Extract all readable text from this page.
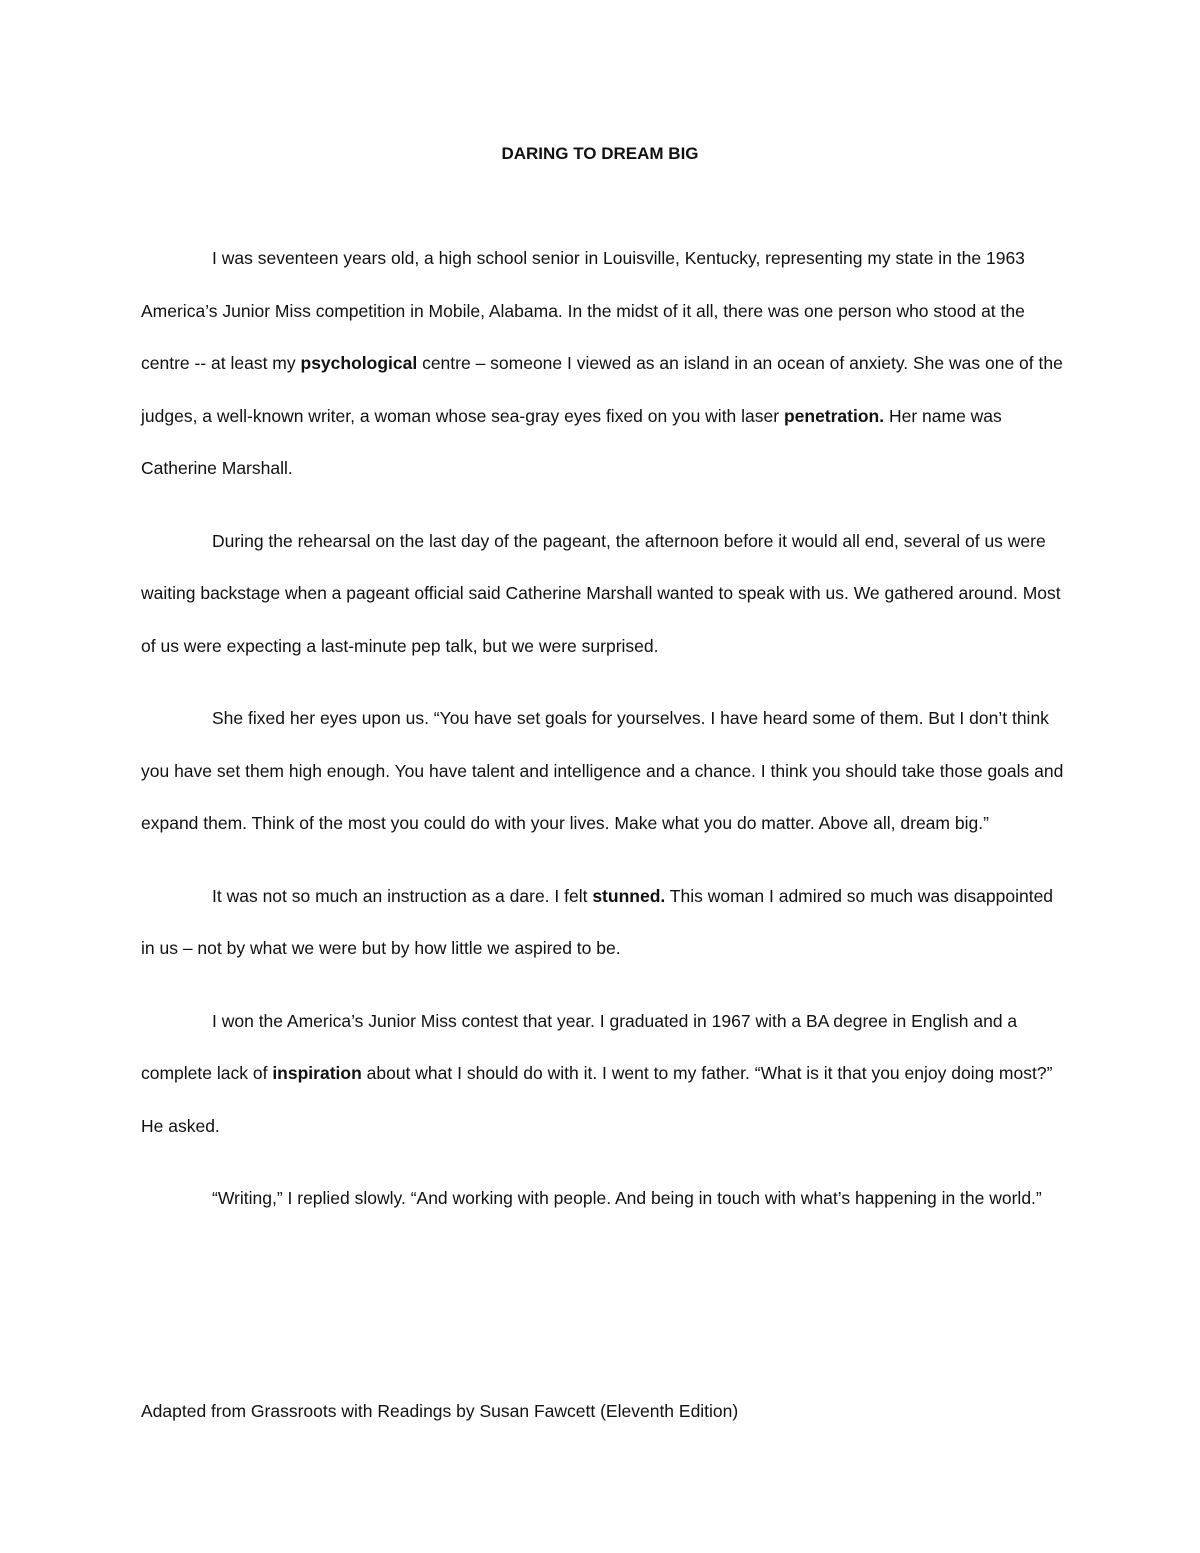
DARING TO DREAM BIG

I was seventeen years old, a high school senior in Louisville, Kentucky, representing my state in the 1963 America’s Junior Miss competition in Mobile, Alabama. In the midst of it all, there was one person who stood at the centre -- at least my psychological centre – someone I viewed as an island in an ocean of anxiety. She was one of the judges, a well-known writer, a woman whose sea-gray eyes fixed on you with laser penetration. Her name was Catherine Marshall.

During the rehearsal on the last day of the pageant, the afternoon before it would all end, several of us were waiting backstage when a pageant official said Catherine Marshall wanted to speak with us. We gathered around. Most of us were expecting a last-minute pep talk, but we were surprised.

She fixed her eyes upon us. “You have set goals for yourselves. I have heard some of them. But I don’t think you have set them high enough. You have talent and intelligence and a chance. I think you should take those goals and expand them. Think of the most you could do with your lives. Make what you do matter. Above all, dream big.”

It was not so much an instruction as a dare. I felt stunned. This woman I admired so much was disappointed in us – not by what we were but by how little we aspired to be.

I won the America’s Junior Miss contest that year. I graduated in 1967 with a BA degree in English and a complete lack of inspiration about what I should do with it. I went to my father. “What is it that you enjoy doing most?” He asked.

“Writing,” I replied slowly. “And working with people. And being in touch with what’s happening in the world.”

Adapted from Grassroots with Readings by Susan Fawcett (Eleventh Edition)
